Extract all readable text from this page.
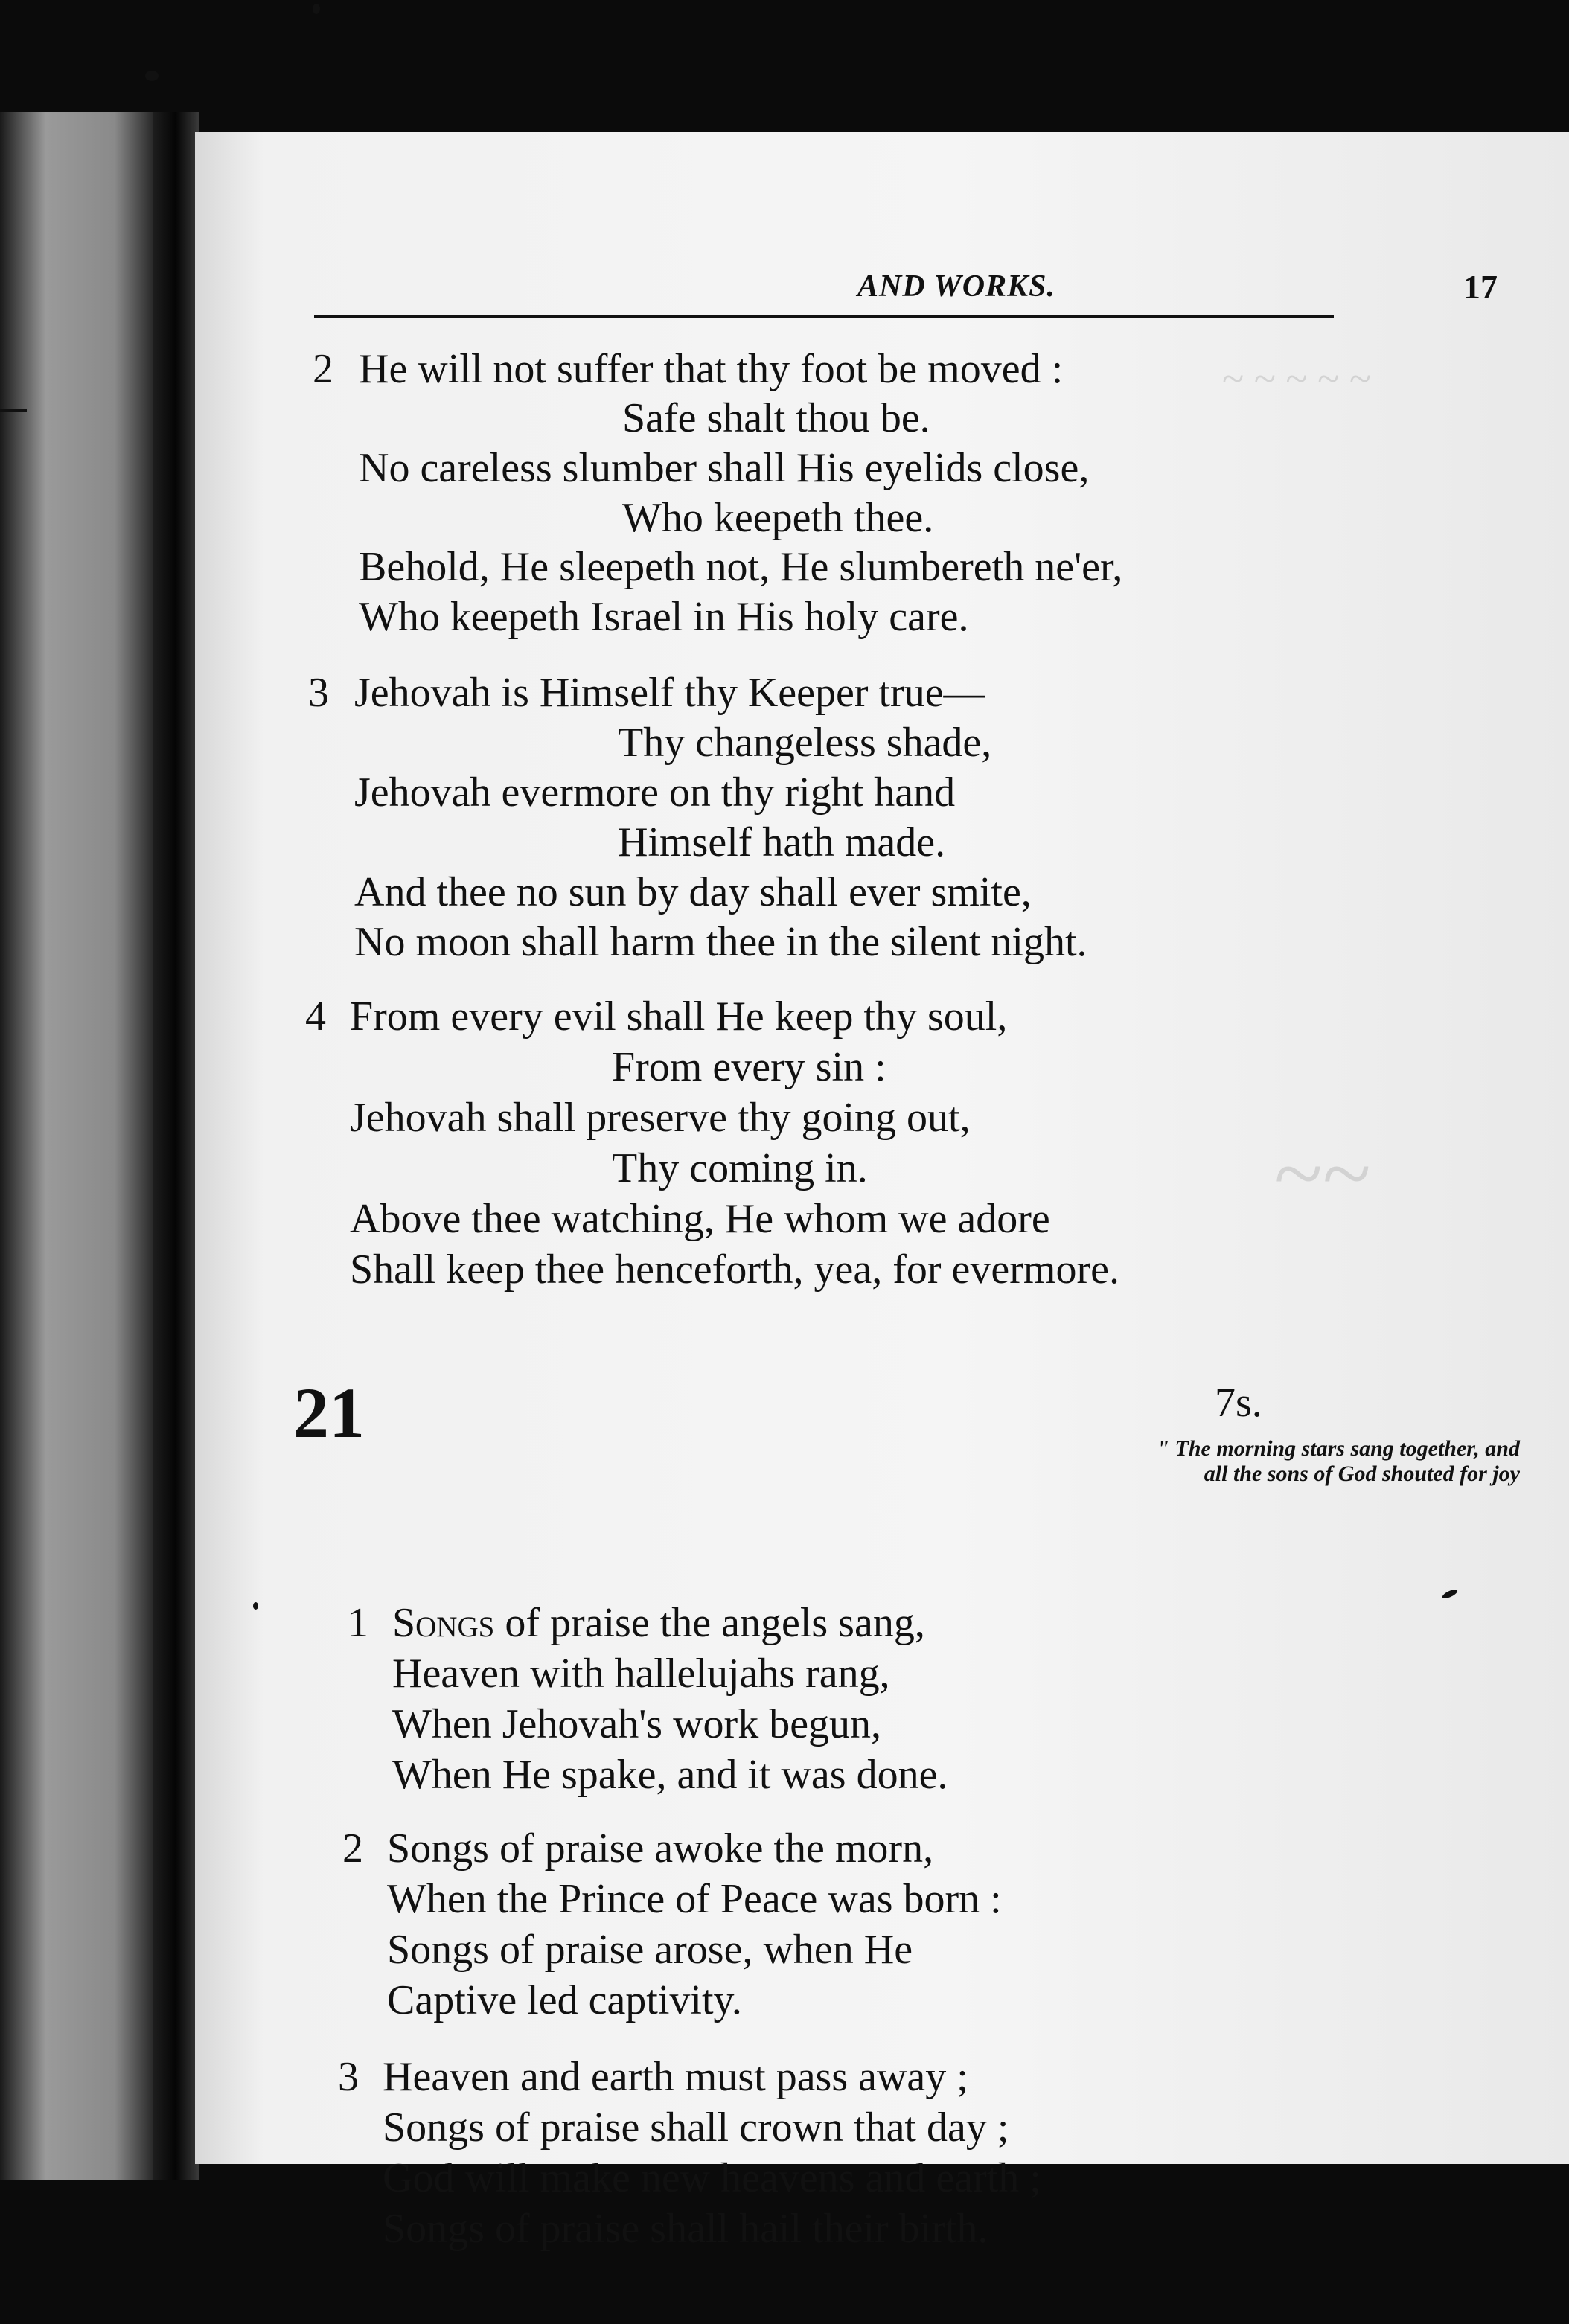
~ ~ ~ ~ ~
~~
AND WORKS.	17
2 He will not suffer that thy foot be moved :
Safe shalt thou be.
No careless slumber shall His eyelids close,
Who keepeth thee.
Behold, He sleepeth not, He slumbereth ne'er,
Who keepeth Israel in His holy care.
3 Jehovah is Himself thy Keeper true—
Thy changeless shade,
Jehovah evermore on thy right hand
Himself hath made.
And thee no sun by day shall ever smite,
No moon shall harm thee in the silent night.
4 From every evil shall He keep thy soul,
From every sin :
Jehovah shall preserve thy going out,
Thy coming in.
Above thee watching, He whom we adore
Shall keep thee henceforth, yea, for evermore.
21	7s.
" The morning stars sang together, and
all the sons of God shouted for joy
1 Songs of praise the angels sang,
Heaven with hallelujahs rang,
When Jehovah's work begun,
When He spake, and it was done.
2 Songs of praise awoke the morn,
When the Prince of Peace was born :
Songs of praise arose, when He
Captive led captivity.
3 Heaven and earth must pass away ;
Songs of praise shall crown that day ;
God will make new heavens and earth ;
Songs of praise shall hail their birth.
